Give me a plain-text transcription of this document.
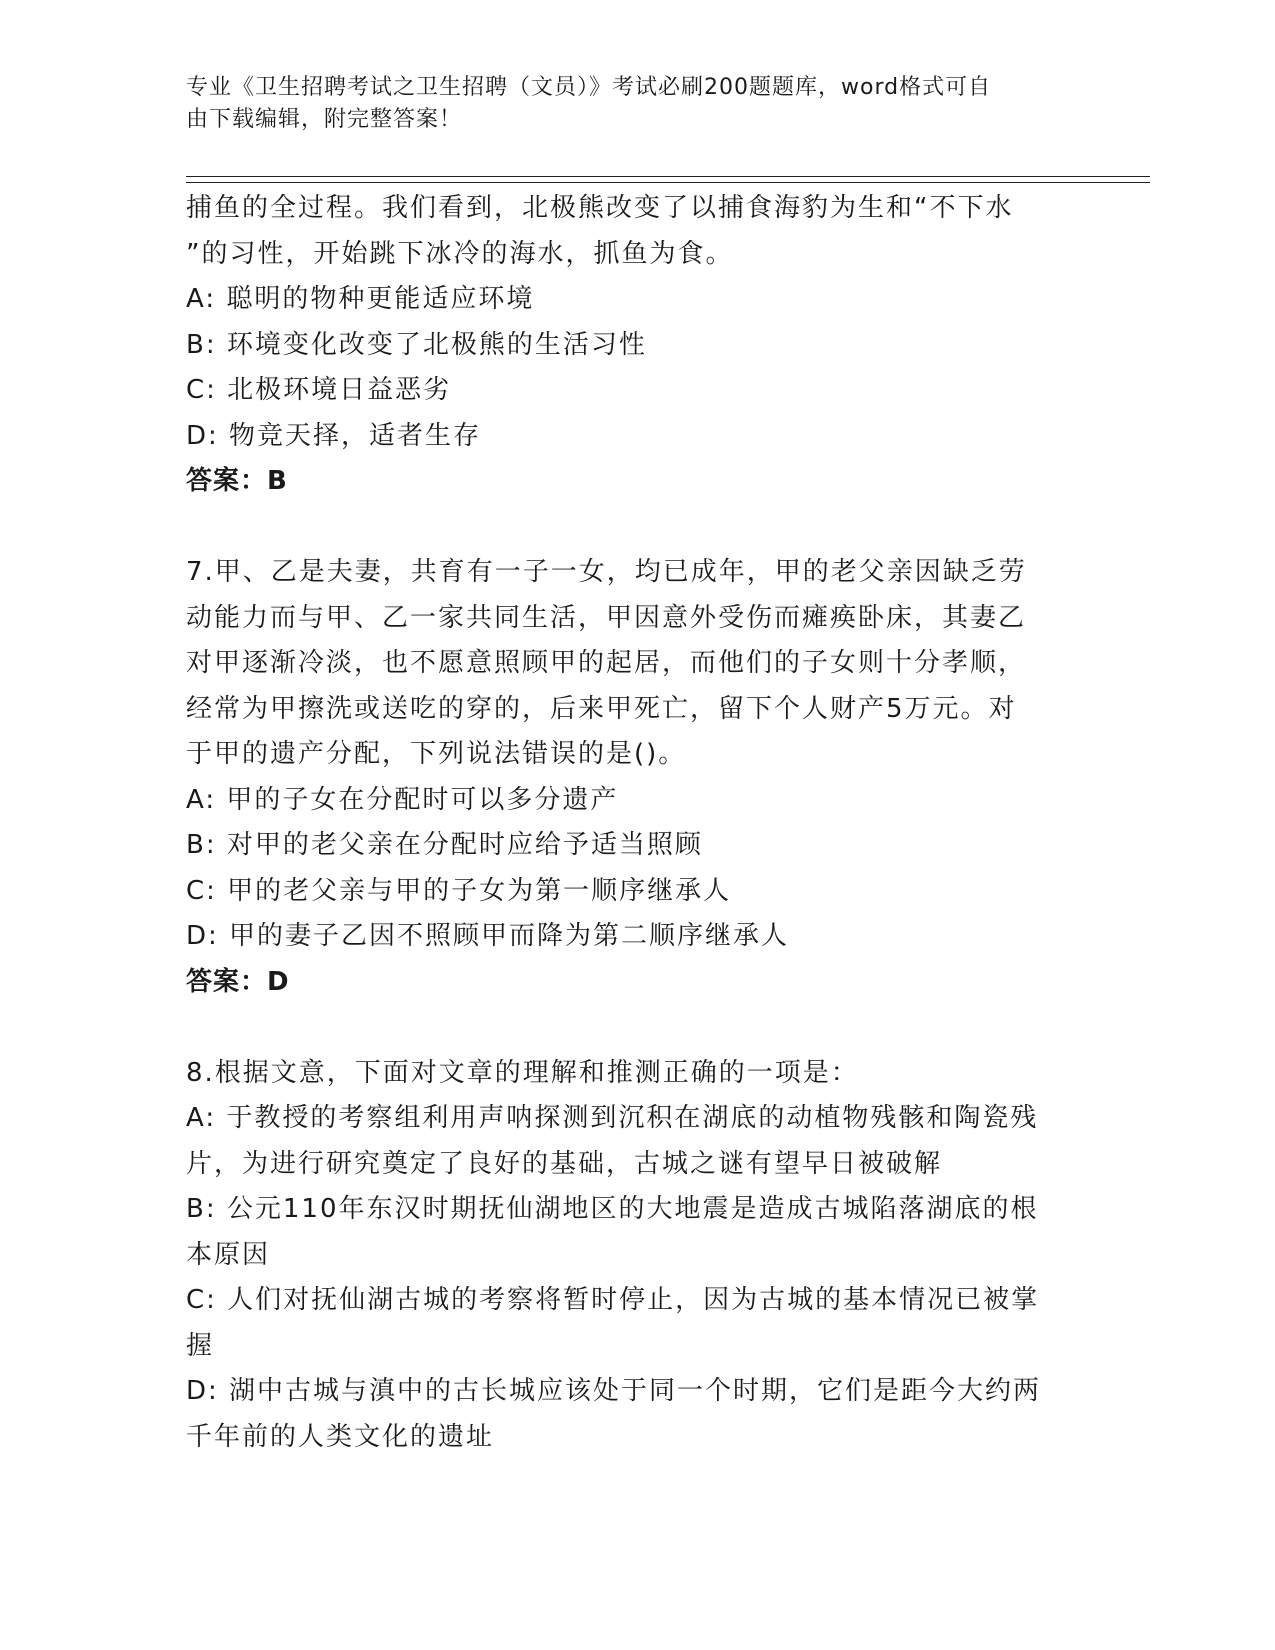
专业《卫生招聘考试之卫生招聘（文员）》考试必刷200题题库，word格式可自
由下载编辑，附完整答案！
捕鱼的全过程。我们看到，北极熊改变了以捕食海豹为生和“不下水
”的习性，开始跳下冰冷的海水，抓鱼为食。
A: 聪明的物种更能适应环境
B: 环境变化改变了北极熊的生活习性
C: 北极环境日益恶劣
D: 物竞天择，适者生存
答案：B
7.甲、乙是夫妻，共育有一子一女，均已成年，甲的老父亲因缺乏劳
动能力而与甲、乙一家共同生活，甲因意外受伤而瘫痪卧床，其妻乙
对甲逐渐冷淡，也不愿意照顾甲的起居，而他们的子女则十分孝顺，
经常为甲擦洗或送吃的穿的，后来甲死亡，留下个人财产5万元。对
于甲的遗产分配，下列说法错误的是()。
A: 甲的子女在分配时可以多分遗产
B: 对甲的老父亲在分配时应给予适当照顾
C: 甲的老父亲与甲的子女为第一顺序继承人
D: 甲的妻子乙因不照顾甲而降为第二顺序继承人
答案：D
8.根据文意，下面对文章的理解和推测正确的一项是：
A: 于教授的考察组利用声呐探测到沉积在湖底的动植物残骸和陶瓷残
片，为进行研究奠定了良好的基础，古城之谜有望早日被破解
B: 公元110年东汉时期抚仙湖地区的大地震是造成古城陷落湖底的根
本原因
C: 人们对抚仙湖古城的考察将暂时停止，因为古城的基本情况已被掌
握
D: 湖中古城与滇中的古长城应该处于同一个时期，它们是距今大约两
千年前的人类文化的遗址
